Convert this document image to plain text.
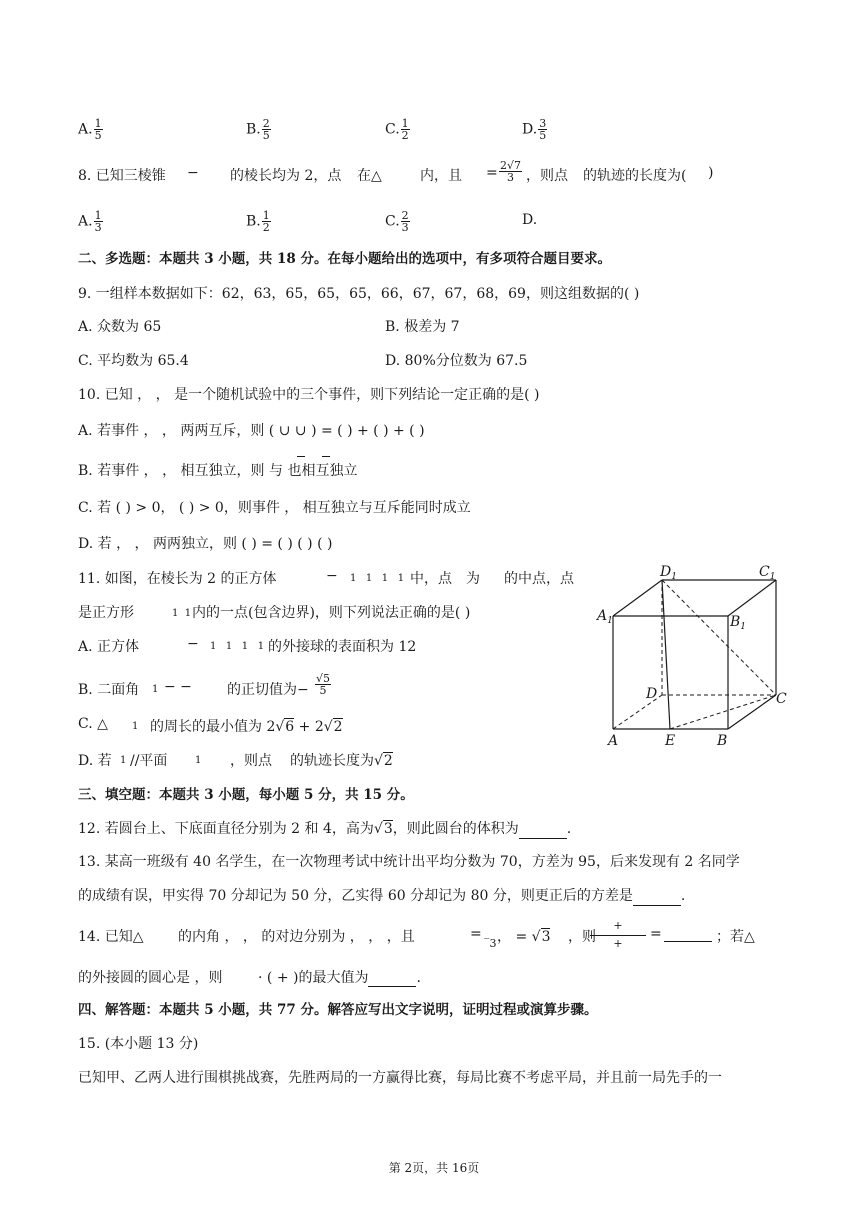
A. $\frac{1}{5}$	B. $\frac{2}{5}$	C. $\frac{1}{2}$	D. $\frac{3}{5}$
8. 已知三棱锥 − 的棱长均为 2，点 在△	内，且 = $\frac{2√7}{3}$ ，则点 的轨迹的长度为( )
A. $\frac{1}{3}$	B. $\frac{1}{2}$	C. $\frac{2}{3}$	D.
二、多选题：本题共 3 小题，共 18 分。在每小题给出的选项中，有多项符合题目要求。
9. 一组样本数据如下：62，63，65，65，65，66，67，67，68，69，则这组数据的( )
A. 众数为 65	B. 极差为 7
C. 平均数为 65.4	D. 80%分位数为 67.5
10. 已知 ， ， 是一个随机试验中的三个事件，则下列结论一定正确的是( )
A. 若事件 ， ， 两两互斥，则 ( ∪ ∪ ) = ( ) + ( ) + ( )
B. 若事件 ， ， 相互独立，则 与 也相互独立
C. 若 ( ) > 0， ( ) > 0，则事件 ， 相互独立与互斥能同时成立
D. 若 ， ， 两两独立，则 ( ) = ( ) ( ) ( )
11. 如图，在棱长为 2 的正方体	− 1   1   1   1 中，点 为 的中点，点
是正方形	1  1 内的一点(包含边界)，则下列说法正确的是( )
A. 正方体	− 1   1   1   1 的外接球的表面积为 12
B. 二面角 1 − −	的正切值为− $\frac{√5}{5}$
C. △ 1 的周长的最小值为 2√6 + 2√2
D. 若 1 //平面	1 ，则点 的轨迹长度为√2
$D_1$	$C_1$
$A_1$	$B_1$
D	C
A	E	B
三、填空题：本题共 3 小题，每小题 5 分，共 15 分。
12. 若圆台上、下底面直径分别为 2 和 4，高为√3，则此圆台的体积为	.
13. 某高一班级有 40 名学生，在一次物理考试中统计出平均分数为 70，方差为 95，后来发现有 2 名同学
的成绩有误，甲实得 70 分却记为 50 分，乙实得 60 分却记为 80 分，则更正后的方差是	.
14. 已知△ 的内角 ， ， 的对边分别为 ， ， ，且	=
‾3 ， = √3 ，则
+
+
=	；若△
的外接圆的圆心是 ，则	· ( + )的最大值为	.
四、解答题：本题共 5 小题，共 77 分。解答应写出文字说明，证明过程或演算步骤。
15. (本小题 13 分)
已知甲、乙两人进行围棋挑战赛，先胜两局的一方赢得比赛，每局比赛不考虑平局，并且前一局先手的一
第 2页，共 16页
